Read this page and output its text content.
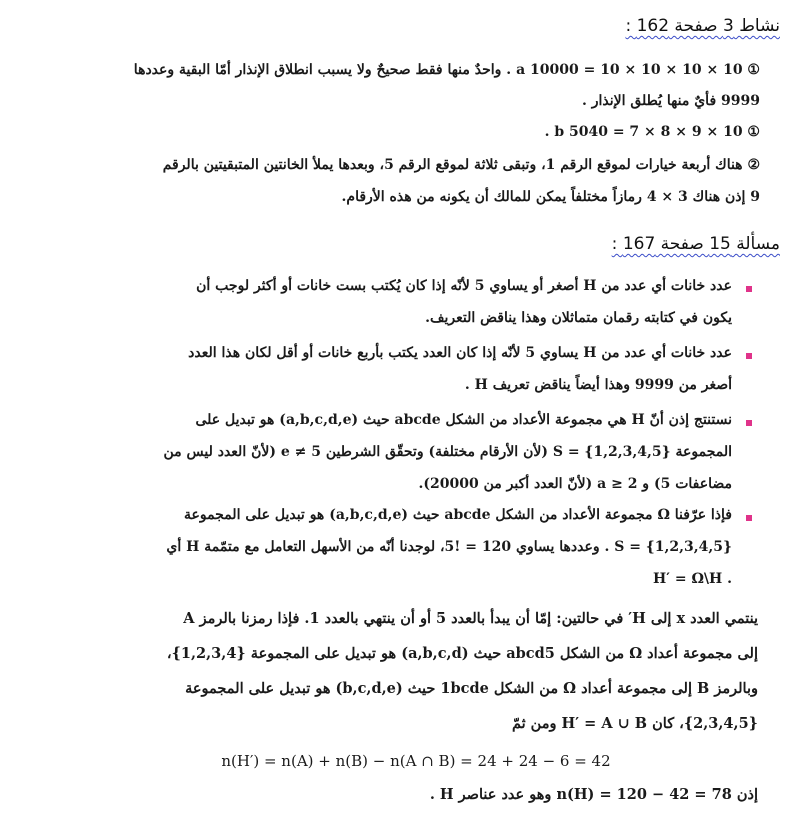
نشاط 3 صفحة 162 :
① a 10000 = 10 × 10 × 10 × 10 . واحدٌ منها فقط صحيحٌ ولا يسبب انطلاق الإنذار أمّا البقية وعددها
9999 فأيٌ منها يُطلق الإنذار .
① b 5040 = 7 × 8 × 9 × 10 .
② هناك أربعة خيارات لموقع الرقم 1، وتبقى ثلاثة لموقع الرقم 5، وبعدها يملأ الخانتين المتبقيتين بالرقم
9 إذن هناك 3 × 4 رمازاً مختلفاً يمكن للمالك أن يكونه من هذه الأرقام.
مسألة 15 صفحة 167 :
عدد خانات أي عدد من H أصغر أو يساوي 5 لأنّه إذا كان يُكتب بست خانات أو أكثر لوجب أن
يكون في كتابته رقمان متماثلان وهذا يناقض التعريف.
عدد خانات أي عدد من H يساوي 5 لأنّه إذا كان العدد يكتب بأربع خانات أو أقل لكان هذا العدد
أصغر من 9999 وهذا أيضاً يناقض تعريف H .
نستنتج إذن أنّ H هي مجموعة الأعداد من الشكل abcde حيث (a,b,c,d,e) هو تبديل على
المجموعة S = {1,2,3,4,5} (لأن الأرقام مختلفة) وتحقّق الشرطين e ≠ 5 (لأنّ العدد ليس من
مضاعفات 5) و a ≥ 2 (لأنّ العدد أكبر من 20000).
فإذا عرّفنا Ω مجموعة الأعداد من الشكل abcde حيث (a,b,c,d,e) هو تبديل على المجموعة
S = {1,2,3,4,5} . وعددها يساوي 120 = !5، لوجدنا أنّه من الأسهل التعامل مع متمّمة H أي
. H′ = Ω\H
ينتمي العدد x إلى H′ في حالتين: إمّا أن يبدأ بالعدد 5 أو أن ينتهي بالعدد 1. فإذا رمزنا بالرمز A
إلى مجموعة أعداد Ω من الشكل abcd5 حيث (a,b,c,d) هو تبديل على المجموعة {1,2,3,4}،
وبالرمز B إلى مجموعة أعداد Ω من الشكل 1bcde حيث (b,c,d,e) هو تبديل على المجموعة
{2,3,4,5}، كان H′ = A ∪ B ومن ثمّ
n(H′) = n(A) + n(B) − n(A ∩ B) = 24 + 24 − 6 = 42
إذن 78 = 42 − 120 = n(H) وهو عدد عناصر H .
